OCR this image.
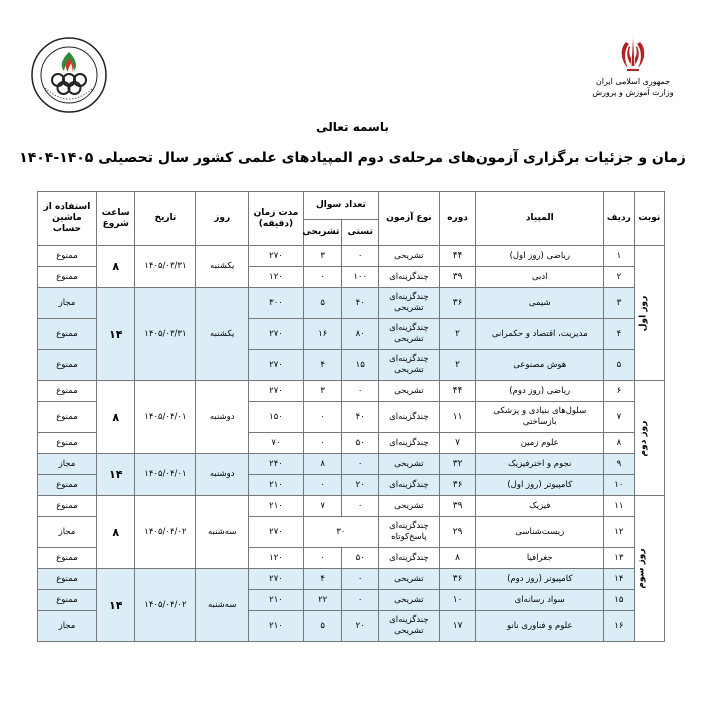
جمهوری اسلامی ایران
وزارت آموزش و پرورش
باسمه تعالی
زمان و جزئیات برگزاری آزمون‌های مرحله‌ی دوم المپیادهای علمی کشور سال تحصیلی ۱۴۰۵-۱۴۰۴
نوبت	ردیف	المپیاد	دوره	نوع آزمون	تعداد سوال		مدت زمان (دقیقه)	روز	تاریخ	ساعت شروع	استفاده از ماشین حساب
					تستی	تشریحی					
روز اول	۱	ریاضی (روز اول)	۴۴	تشریحی	۰	۳	۲۷۰	یکشنبه	۱۴۰۵/۰۳/۳۱	۸	ممنوع
	۲	ادبی	۳۹	چندگزینه‌ای	۱۰۰	۰	۱۲۰				ممنوع
	۳	شیمی	۳۶	چندگزینه‌ای تشریحی	۴۰	۵	۳۰۰	یکشنبه	۱۴۰۵/۰۳/۳۱	۱۴	مجاز
	۴	مدیریت، اقتصاد و حکمرانی	۲	چندگزینه‌ای تشریحی	۸۰	۱۶	۲۷۰				ممنوع
	۵	هوش مصنوعی	۲	چندگزینه‌ای تشریحی	۱۵	۴	۲۷۰				ممنوع
روز دوم	۶	ریاضی (روز دوم)	۴۴	تشریحی	۰	۳	۲۷۰	دوشنبه	۱۴۰۵/۰۴/۰۱	۸	ممنوع
	۷	سلول‌های بنیادی و پزشکی بازساختی	۱۱	چندگزینه‌ای	۴۰	۰	۱۵۰				ممنوع
	۸	علوم زمین	۷	چندگزینه‌ای	۵۰	۰	۷۰				ممنوع
	۹	نجوم و اخترفیزیک	۳۲	تشریحی	۰	۸	۲۴۰	دوشنبه	۱۴۰۵/۰۴/۰۱	۱۴	مجاز
	۱۰	کامپیوتر (روز اول)	۳۶	چندگزینه‌ای	۲۰	۰	۲۱۰				ممنوع
روز سوم	۱۱	فیزیک	۳۹	تشریحی	۰	۷	۲۱۰	سه‌شنبه	۱۴۰۵/۰۴/۰۲	۸	ممنوع
	۱۲	زیست‌شناسی	۲۹	چندگزینه‌ای پاسخ‌کوتاه	۳۰		۲۷۰				مجاز
	۱۳	جغرافیا	۸	چندگزینه‌ای	۵۰	۰	۱۲۰				ممنوع
	۱۴	کامپیوتر (روز دوم)	۳۶	تشریحی	۰	۴	۲۷۰	سه‌شنبه	۱۴۰۵/۰۴/۰۲	۱۴	ممنوع
	۱۵	سواد رسانه‌ای	۱۰	تشریحی	۰	۲۲	۲۱۰				ممنوع
	۱۶	علوم و فناوری نانو	۱۷	چندگزینه‌ای تشریحی	۲۰	۵	۲۱۰				مجاز
